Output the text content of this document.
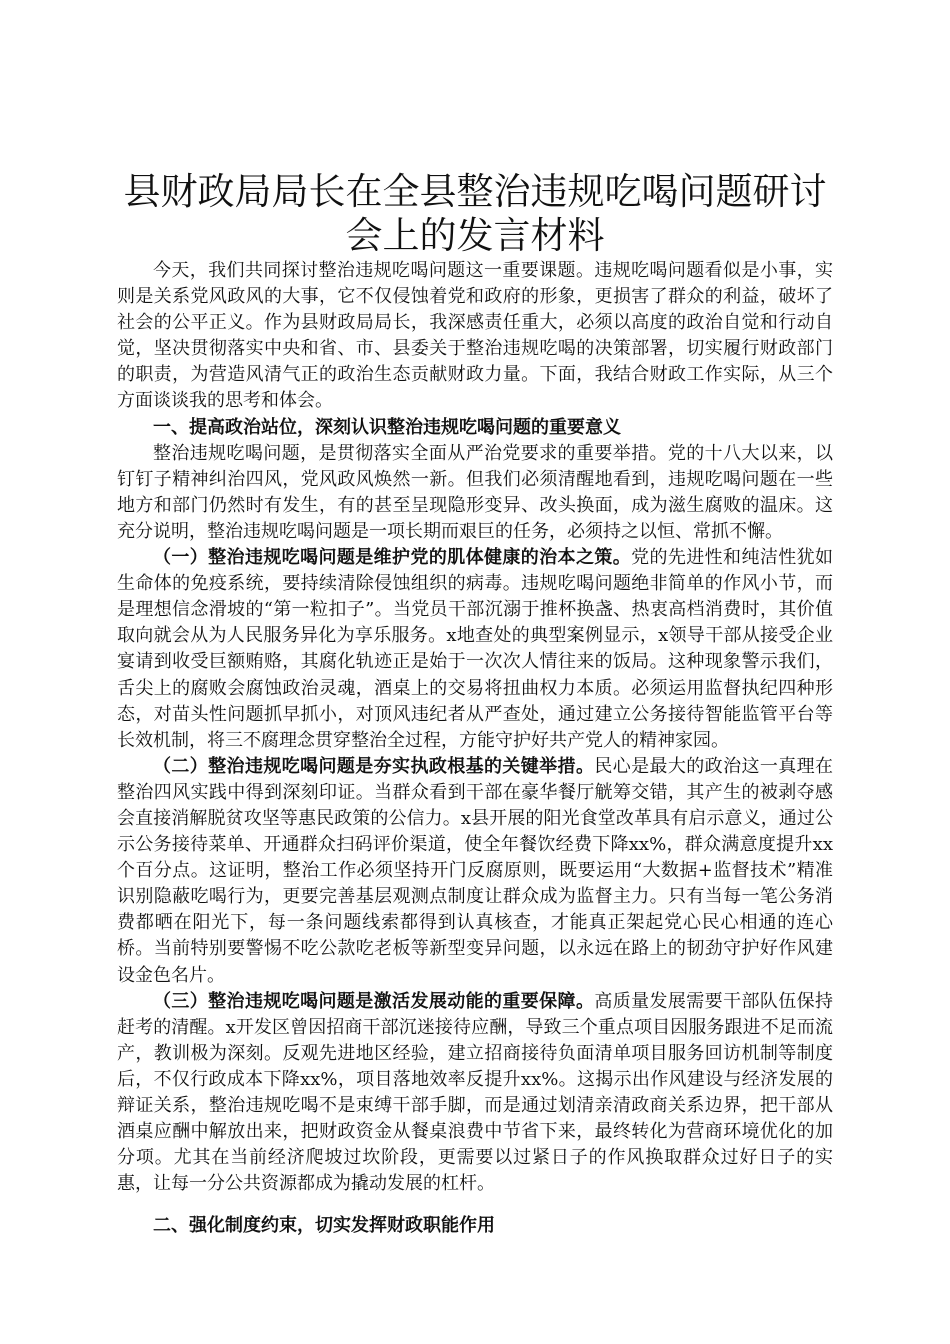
县财政局局长在全县整治违规吃喝问题研讨会上的发言材料

今天，我们共同探讨整治违规吃喝问题这一重要课题。违规吃喝问题看似是小事，实则是关系党风政风的大事，它不仅侵蚀着党和政府的形象，更损害了群众的利益，破坏了社会的公平正义。作为县财政局局长，我深感责任重大，必须以高度的政治自觉和行动自觉，坚决贯彻落实中央和省、市、县委关于整治违规吃喝的决策部署，切实履行财政部门的职责，为营造风清气正的政治生态贡献财政力量。下面，我结合财政工作实际，从三个方面谈谈我的思考和体会。

一、提高政治站位，深刻认识整治违规吃喝问题的重要意义

整治违规吃喝问题，是贯彻落实全面从严治党要求的重要举措。党的十八大以来，以钉钉子精神纠治四风，党风政风焕然一新。但我们必须清醒地看到，违规吃喝问题在一些地方和部门仍然时有发生，有的甚至呈现隐形变异、改头换面，成为滋生腐败的温床。这充分说明，整治违规吃喝问题是一项长期而艰巨的任务，必须持之以恒、常抓不懈。

（一）整治违规吃喝问题是维护党的肌体健康的治本之策。党的先进性和纯洁性犹如生命体的免疫系统，要持续清除侵蚀组织的病毒。违规吃喝问题绝非简单的作风小节，而是理想信念滑坡的“第一粒扣子”。当党员干部沉溺于推杯换盏、热衷高档消费时，其价值取向就会从为人民服务异化为享乐服务。x地查处的典型案例显示，x领导干部从接受企业宴请到收受巨额贿赂，其腐化轨迹正是始于一次次人情往来的饭局。这种现象警示我们，舌尖上的腐败会腐蚀政治灵魂，酒桌上的交易将扭曲权力本质。必须运用监督执纪四种形态，对苗头性问题抓早抓小，对顶风违纪者从严查处，通过建立公务接待智能监管平台等长效机制，将三不腐理念贯穿整治全过程，方能守护好共产党人的精神家园。

（二）整治违规吃喝问题是夯实执政根基的关键举措。民心是最大的政治这一真理在整治四风实践中得到深刻印证。当群众看到干部在豪华餐厅觥筹交错，其产生的被剥夺感会直接消解脱贫攻坚等惠民政策的公信力。x县开展的阳光食堂改革具有启示意义，通过公示公务接待菜单、开通群众扫码评价渠道，使全年餐饮经费下降xx%，群众满意度提升xx个百分点。这证明，整治工作必须坚持开门反腐原则，既要运用“大数据+监督技术”精准识别隐蔽吃喝行为，更要完善基层观测点制度让群众成为监督主力。只有当每一笔公务消费都晒在阳光下，每一条问题线索都得到认真核查，才能真正架起党心民心相通的连心桥。当前特别要警惕不吃公款吃老板等新型变异问题，以永远在路上的韧劲守护好作风建设金色名片。

（三）整治违规吃喝问题是激活发展动能的重要保障。高质量发展需要干部队伍保持赶考的清醒。x开发区曾因招商干部沉迷接待应酬，导致三个重点项目因服务跟进不足而流产，教训极为深刻。反观先进地区经验，建立招商接待负面清单项目服务回访机制等制度后，不仅行政成本下降xx%，项目落地效率反提升xx%。这揭示出作风建设与经济发展的辩证关系，整治违规吃喝不是束缚干部手脚，而是通过划清亲清政商关系边界，把干部从酒桌应酬中解放出来，把财政资金从餐桌浪费中节省下来，最终转化为营商环境优化的加分项。尤其在当前经济爬坡过坎阶段，更需要以过紧日子的作风换取群众过好日子的实惠，让每一分公共资源都成为撬动发展的杠杆。

二、强化制度约束，切实发挥财政职能作用
